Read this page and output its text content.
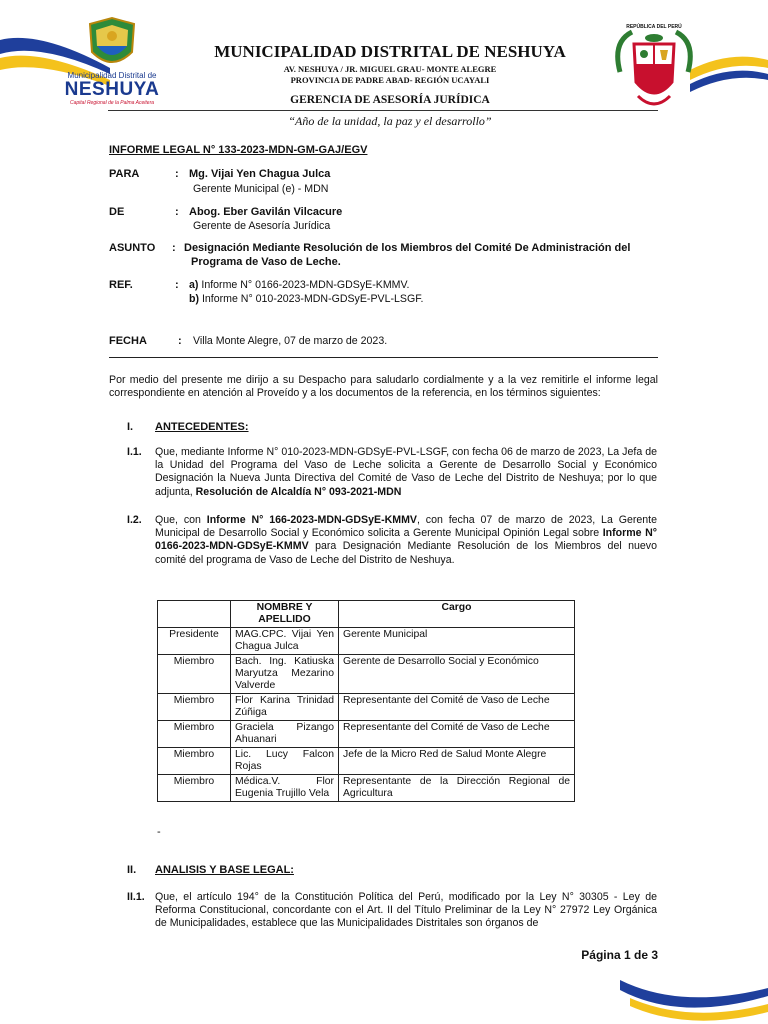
Municipalidad Distrital de
NESHUYA
Capital Regional de la Palma Aceitera
REPÚBLICA DEL PERÚ
MUNICIPALIDAD DISTRITAL DE NESHUYA
AV. NESHUYA / JR. MIGUEL GRAU- MONTE ALEGRE
PROVINCIA DE PADRE ABAD- REGIÓN UCAYALI
GERENCIA DE ASESORÍA JURÍDICA
“Año de la unidad, la paz y el desarrollo”
INFORME LEGAL N° 133-2023-MDN-GM-GAJ/EGV
PARA	: Mg. Vijai Yen Chagua Julca
Gerente Municipal (e) - MDN
DE	: Abog. Eber Gavilán Vilcacure
Gerente de Asesoría Jurídica
ASUNTO : Designación Mediante Resolución de los Miembros del Comité De Administración del
Programa de Vaso de Leche.
REF.	: a) Informe N° 0166-2023-MDN-GDSyE-KMMV.
b) Informe N° 010-2023-MDN-GDSyE-PVL-LSGF.
FECHA	: Villa Monte Alegre, 07 de marzo de 2023.
Por medio del presente me dirijo a su Despacho para saludarlo cordialmente y a la vez remitirle el informe legal correspondiente en atención al Proveído y a los documentos de la referencia, en los términos siguientes:
I. ANTECEDENTES:
I.1. Que, mediante Informe N° 010-2023-MDN-GDSyE-PVL-LSGF, con fecha 06 de marzo de 2023, La Jefa de la Unidad del Programa del Vaso de Leche solicita a Gerente de Desarrollo Social y Económico Designación la Nueva Junta Directiva del Comité de Vaso de Leche del Distrito de Neshuya; por lo que adjunta, Resolución de Alcaldía N° 093-2021-MDN
I.2. Que, con Informe N° 166-2023-MDN-GDSyE-KMMV, con fecha 07 de marzo de 2023, La Gerente Municipal de Desarrollo Social y Económico solicita a Gerente Municipal Opinión Legal sobre Informe N° 0166-2023-MDN-GDSyE-KMMV para Designación Mediante Resolución de los Miembros del nuevo comité del programa de Vaso de Leche del Distrito de Neshuya.
	NOMBRE Y APELLIDO	Cargo
Presidente	MAG.CPC. Vijai Yen Chagua Julca	Gerente Municipal
Miembro	Bach. Ing. Katiuska Maryutza Mezarino Valverde	Gerente de Desarrollo Social y Económico
Miembro	Flor Karina Trinidad Zúñiga	Representante del Comité de Vaso de Leche
Miembro	Graciela Pizango Ahuanari	Representante del Comité de Vaso de Leche
Miembro	Lic. Lucy Falcon Rojas	Jefe de la Micro Red de Salud Monte Alegre
Miembro	Médica.V. Flor Eugenia Trujillo Vela	Representante de la Dirección Regional de Agricultura
-
II. ANALISIS Y BASE LEGAL:
II.1. Que, el artículo 194° de la Constitución Política del Perú, modificado por la Ley N° 30305 - Ley de Reforma Constitucional, concordante con el Art. II del Título Preliminar de la Ley N° 27972 Ley Orgánica de Municipalidades, establece que las Municipalidades Distritales son órganos de
Página 1 de 3
